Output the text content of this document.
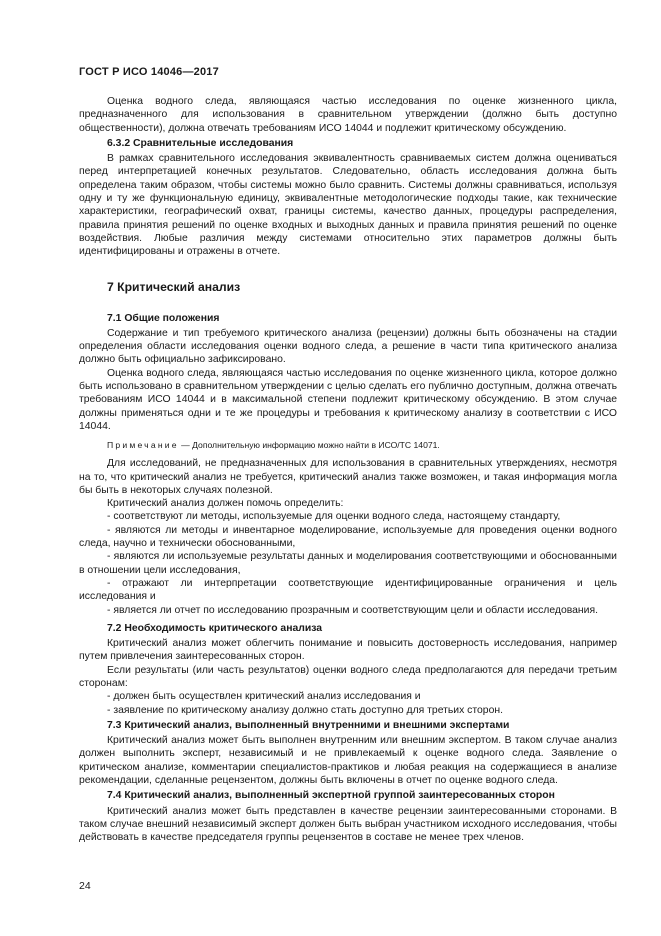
ГОСТ Р ИСО 14046—2017

Оценка водного следа, являющаяся частью исследования по оценке жизненного цикла, предназначенного для использования в сравнительном утверждении (должно быть доступно общественности), должна отвечать требованиям ИСО 14044 и подлежит критическому обсуждению.

6.3.2 Сравнительные исследования

В рамках сравнительного исследования эквивалентность сравниваемых систем должна оцениваться перед интерпретацией конечных результатов. Следовательно, область исследования должна быть определена таким образом, чтобы системы можно было сравнить. Системы должны сравниваться, используя одну и ту же функциональную единицу, эквивалентные методологические подходы такие, как технические характеристики, географический охват, границы системы, качество данных, процедуры распределения, правила принятия решений по оценке входных и выходных данных и правила принятия решений по оценке воздействия. Любые различия между системами относительно этих параметров должны быть идентифицированы и отражены в отчете.

7 Критический анализ
7.1 Общие положения

Содержание и тип требуемого критического анализа (рецензии) должны быть обозначены на стадии определения области исследования оценки водного следа, а решение в части типа критического анализа должно быть официально зафиксировано.

Оценка водного следа, являющаяся частью исследования по оценке жизненного цикла, которое должно быть использовано в сравнительном утверждении с целью сделать его публично доступным, должна отвечать требованиям ИСО 14044 и в максимальной степени подлежит критическому обсуждению. В этом случае должны применяться одни и те же процедуры и требования к критическому анализу в соответствии с ИСО 14044.

Примечание — Дополнительную информацию можно найти в ИСО/ТС 14071.

Для исследований, не предназначенных для использования в сравнительных утверждениях, несмотря на то, что критический анализ не требуется, критический анализ также возможен, и такая информация могла бы быть в некоторых случаях полезной.

Критический анализ должен помочь определить:

- соответствуют ли методы, используемые для оценки водного следа, настоящему стандарту,

- являются ли методы и инвентарное моделирование, используемые для проведения оценки водного следа, научно и технически обоснованными,

- являются ли используемые результаты данных и моделирования соответствующими и обоснованными в отношении цели исследования,

- отражают ли интерпретации соответствующие идентифицированные ограничения и цель исследования и

- является ли отчет по исследованию прозрачным и соответствующим цели и области исследования.

7.2 Необходимость критического анализа

Критический анализ может облегчить понимание и повысить достоверность исследования, например путем привлечения заинтересованных сторон.

Если результаты (или часть результатов) оценки водного следа предполагаются для передачи третьим сторонам:

- должен быть осуществлен критический анализ исследования и

- заявление по критическому анализу должно стать доступно для третьих сторон.

7.3 Критический анализ, выполненный внутренними и внешними экспертами

Критический анализ может быть выполнен внутренним или внешним экспертом. В таком случае анализ должен выполнить эксперт, независимый и не привлекаемый к оценке водного следа. Заявление о критическом анализе, комментарии специалистов-практиков и любая реакция на содержащиеся в анализе рекомендации, сделанные рецензентом, должны быть включены в отчет по оценке водного следа.

7.4 Критический анализ, выполненный экспертной группой заинтересованных сторон

Критический анализ может быть представлен в качестве рецензии заинтересованными сторонами. В таком случае внешний независимый эксперт должен быть выбран участником исходного исследования, чтобы действовать в качестве председателя группы рецензентов в составе не менее трех членов.

24
